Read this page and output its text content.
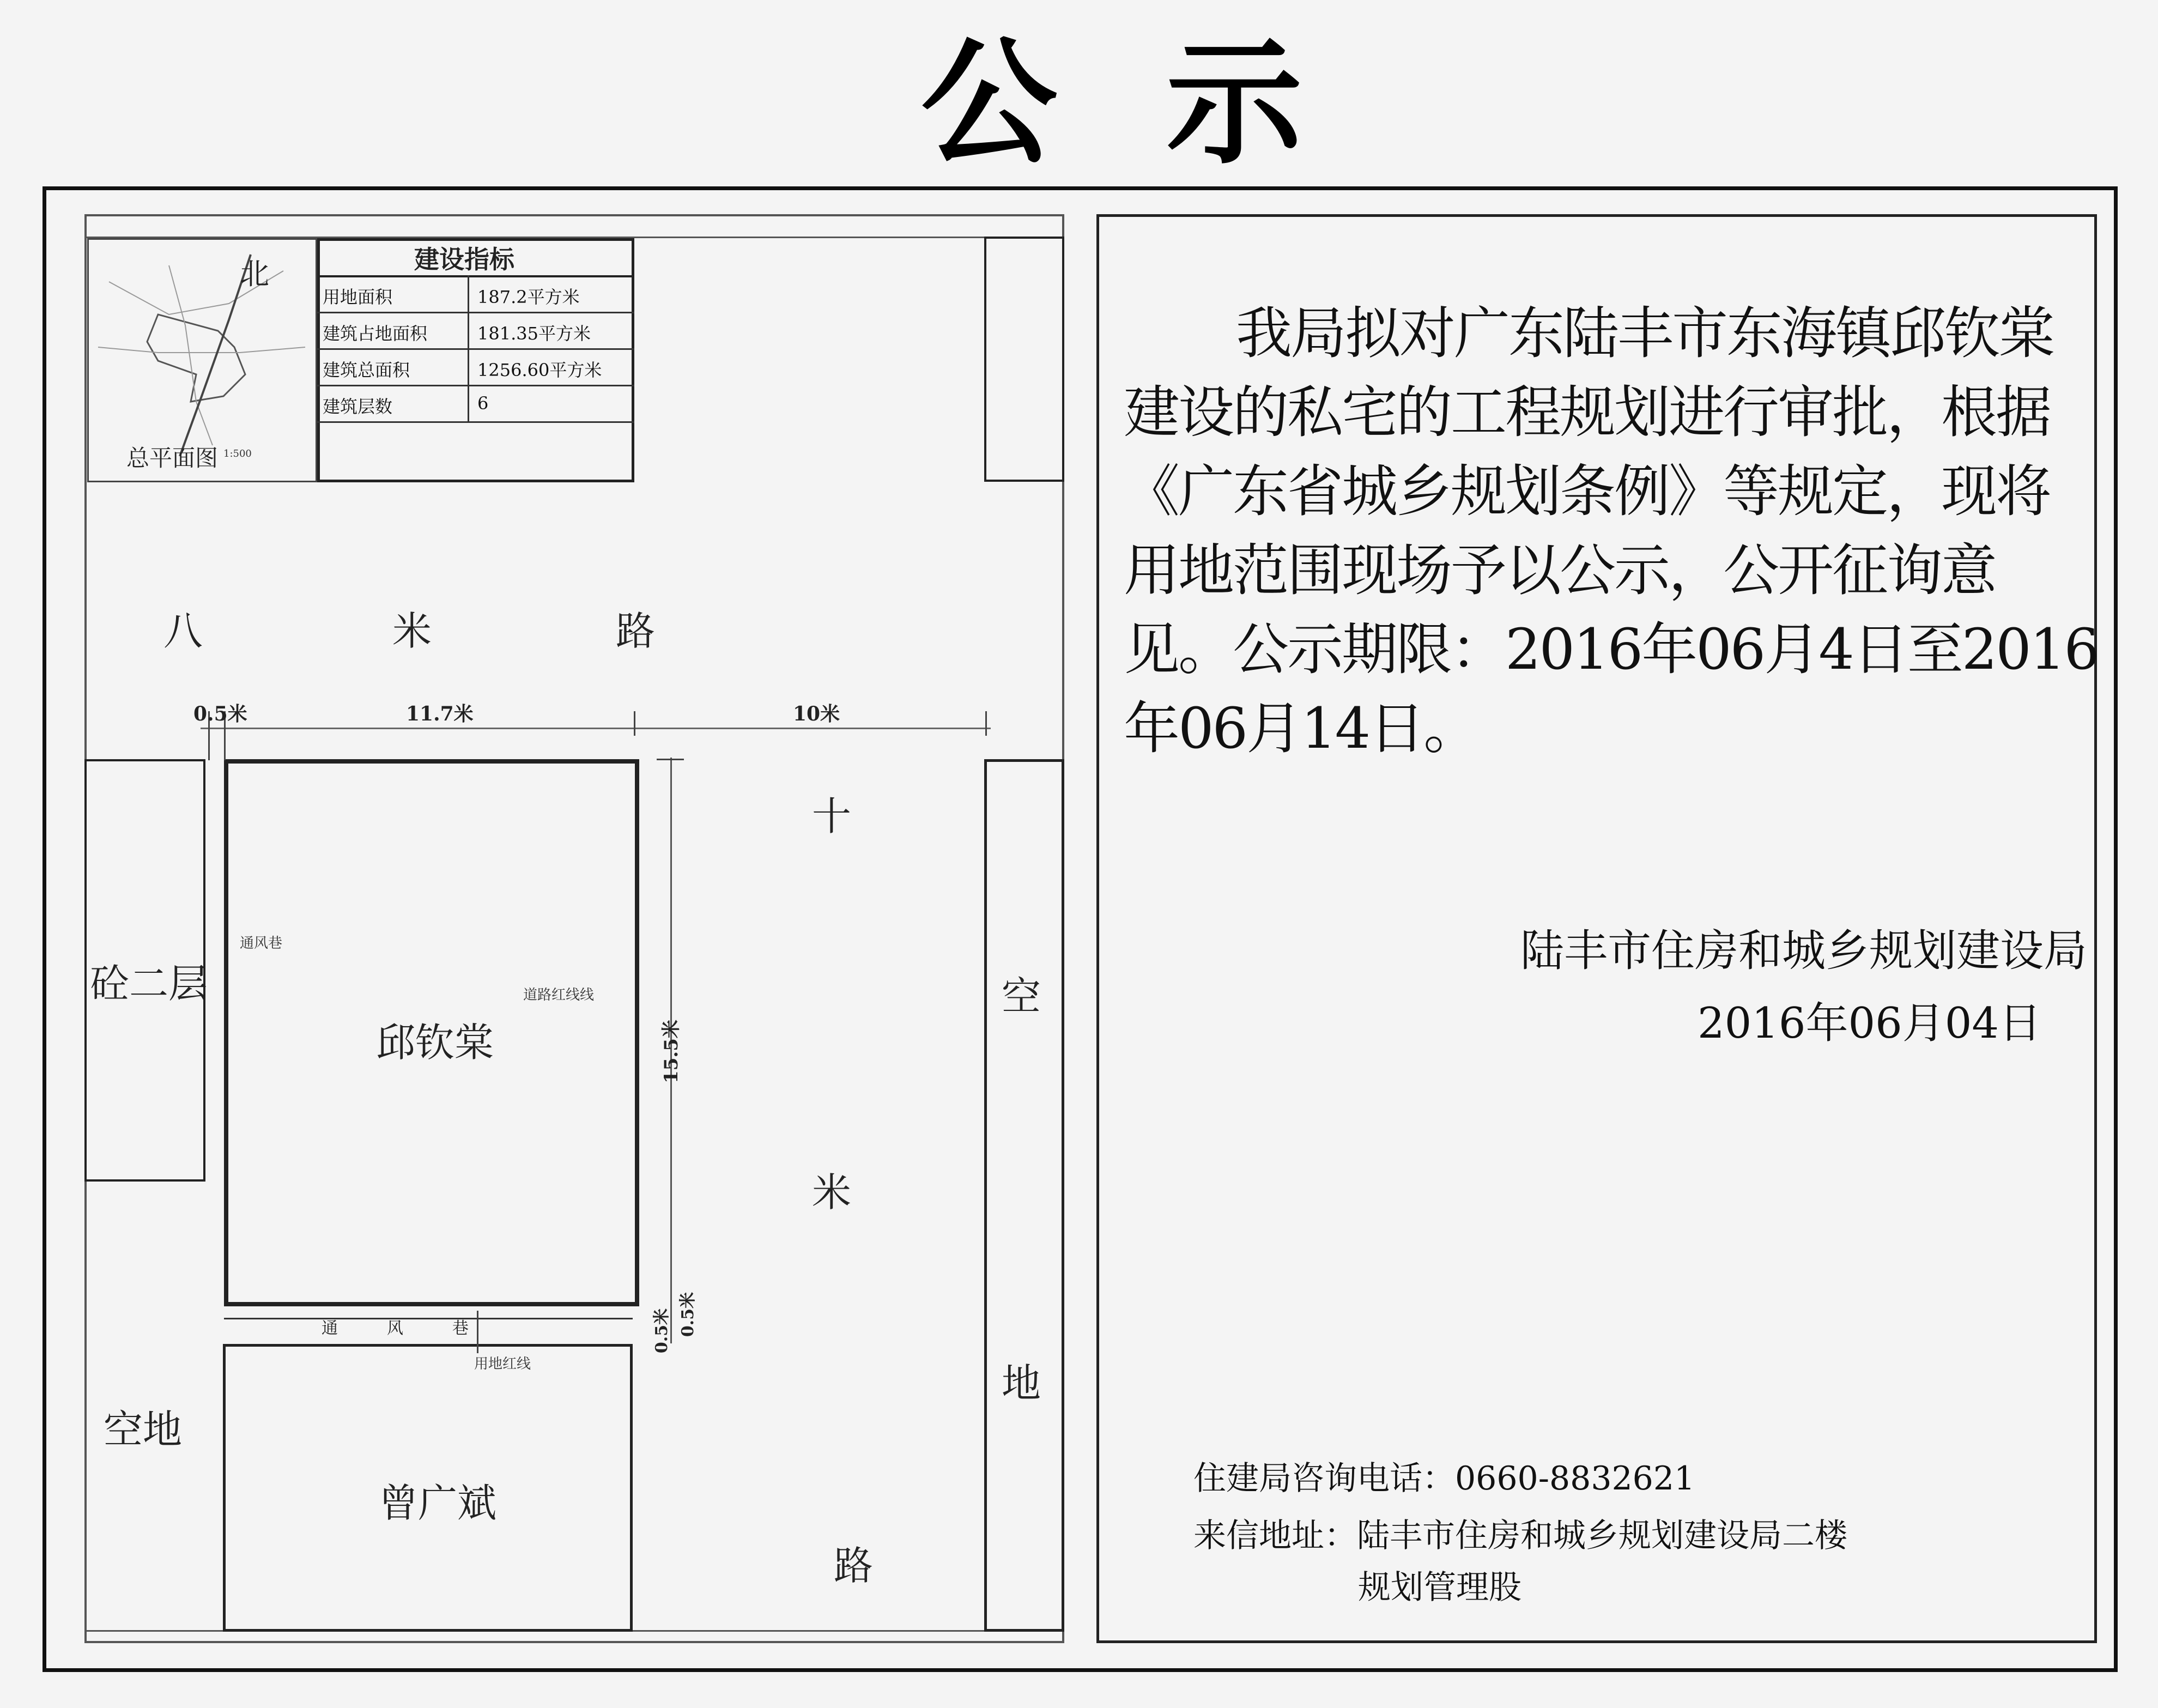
公 示
北
总平面图 1:500
建设指标
用地面积	187.2平方米
建筑占地面积	181.35平方米
建筑总面积	1256.60平方米
建筑层数	6
0.5米	11.7米	10米
15.5米
0.5米 0.5米
八	米	路
十
米
路
空
地
砼二层
空地
邱钦棠
曾广斌
通风巷
道路红线线
通风巷
用地红线
我局拟对广东陆丰市东海镇邱钦棠建设的私宅的工程规划进行审批，根据《广东省城乡规划条例》等规定，现将用地范围现场予以公示，公开征询意见。公示期限：2016年06月4日至2016年06月14日。
陆丰市住房和城乡规划建设局
2016年06月04日
住建局咨询电话：0660-8832621
来信地址：陆丰市住房和城乡规划建设局二楼
规划管理股
